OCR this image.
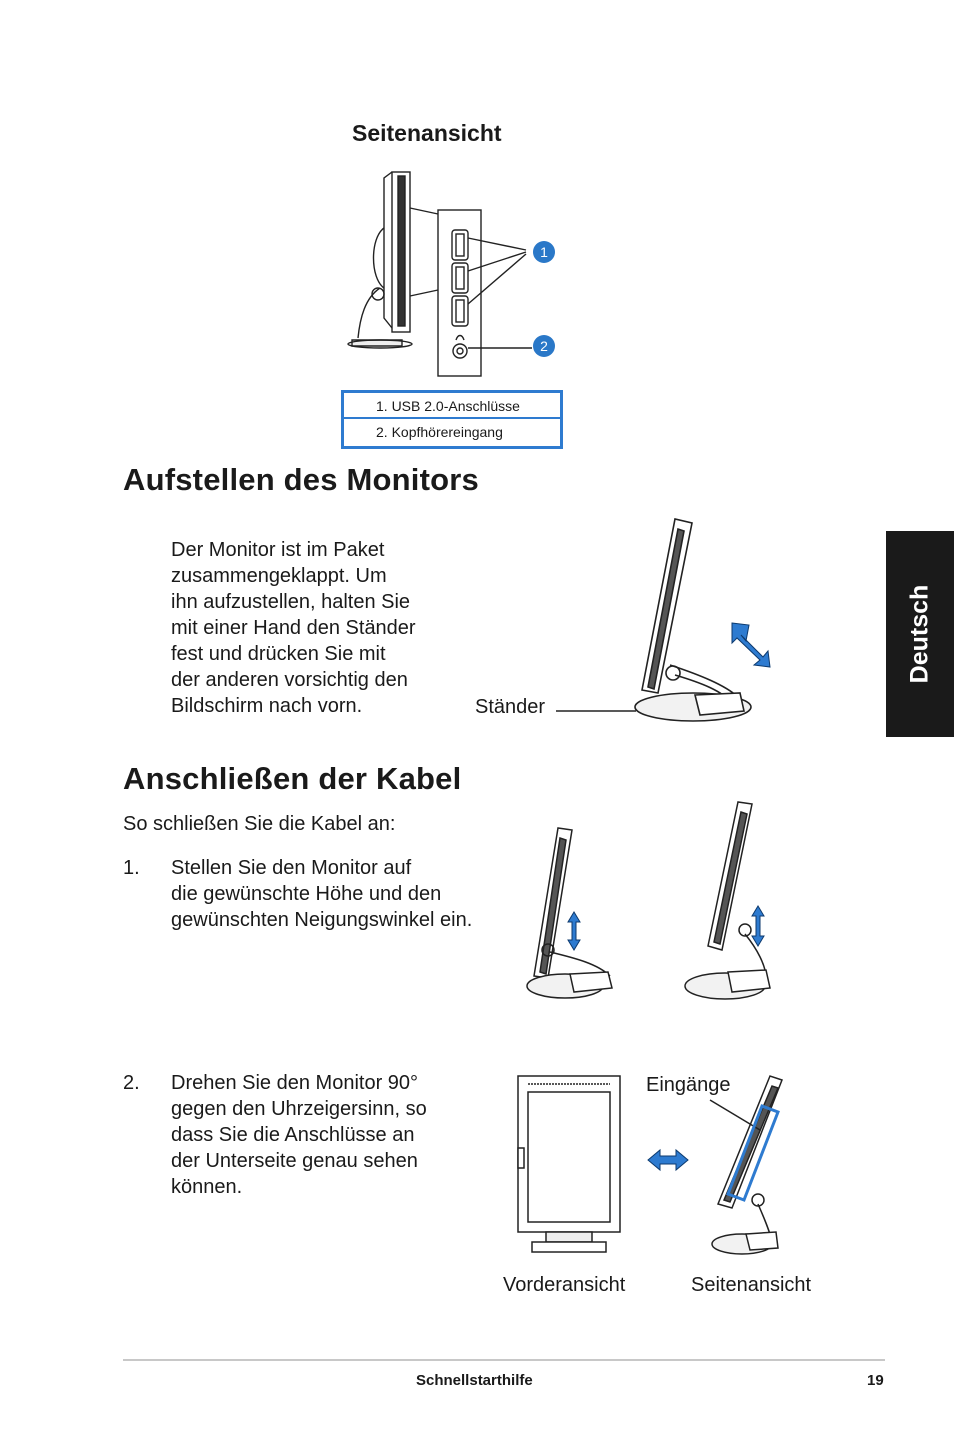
Seitenansicht
1
2
1. USB 2.0-Anschlüsse
2. Kopfhörereingang
Aufstellen des Monitors
Der Monitor ist im Paket
zusammengeklappt. Um
ihn aufzustellen, halten Sie
mit einer Hand den Ständer
fest und drücken Sie mit
der anderen vorsichtig den
Bildschirm nach vorn.	Ständer
Anschließen der Kabel
So schließen Sie die Kabel an:
1. Stellen Sie den Monitor auf
die gewünschte Höhe und den
gewünschten Neigungswinkel ein.
2. Drehen Sie den Monitor 90°
gegen den Uhrzeigersinn, so
dass Sie die Anschlüsse an
der Unterseite genau sehen
können.
Eingänge
Vorderansicht	Seitenansicht
Deutsch
Schnellstarthilfe	19
